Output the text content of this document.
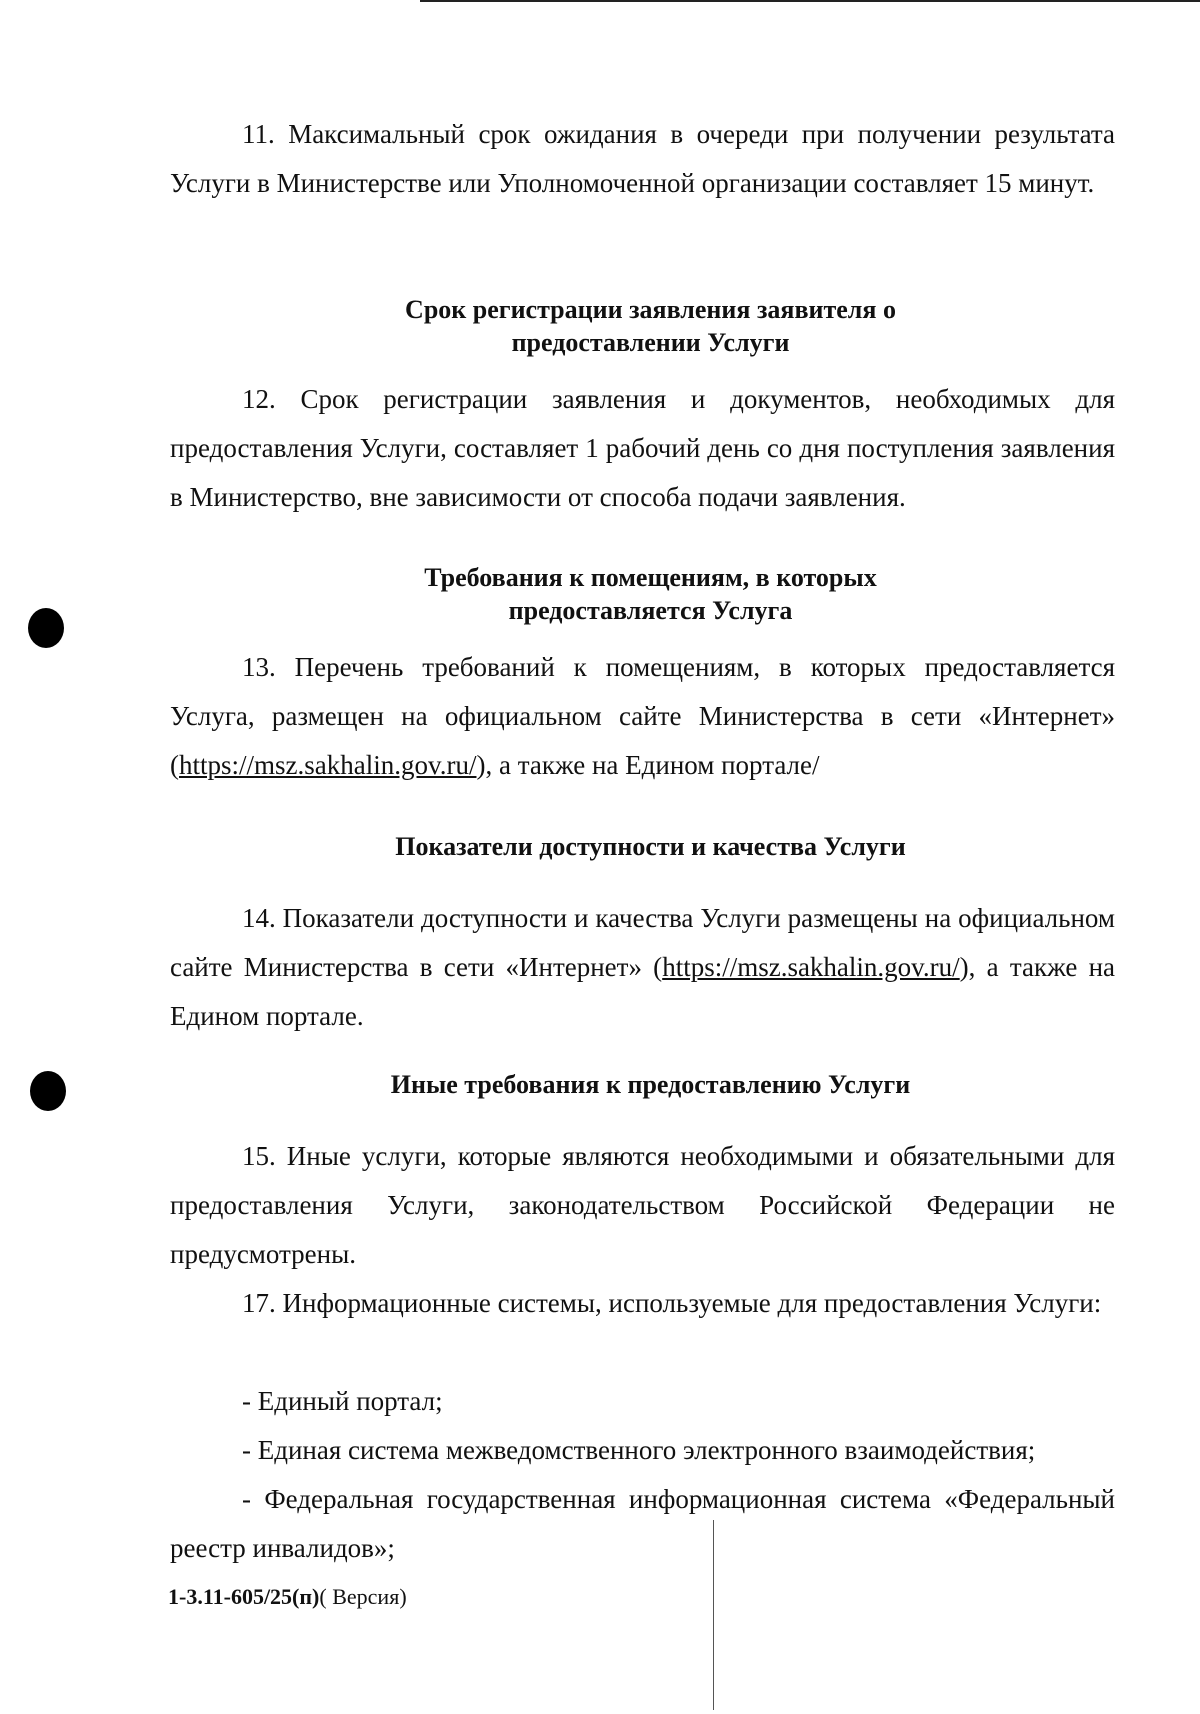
11. Максимальный срок ожидания в очереди при получении результата Услуги в Министерстве или Уполномоченной организации составляет 15 минут.

Срок регистрации заявления заявителя о

предоставлении Услуги

12. Срок регистрации заявления и документов, необходимых для предоставления Услуги, составляет 1 рабочий день со дня поступления заявления в Министерство, вне зависимости от способа подачи заявления.

Требования к помещениям, в которых

предоставляется Услуга

13. Перечень требований к помещениям, в которых предоставляется Услуга, размещен на официальном сайте Министерства в сети «Интернет» (https://msz.sakhalin.gov.ru/), а также на Едином портале/

Показатели доступности и качества Услуги

14. Показатели доступности и качества Услуги размещены на официальном сайте Министерства в сети «Интернет» (https://msz.sakhalin.gov.ru/), а также на Едином портале.

Иные требования к предоставлению Услуги

15. Иные услуги, которые являются необходимыми и обязательными для предоставления Услуги, законодательством Российской Федерации не предусмотрены.

17. Информационные системы, используемые для предоставления Услуги:

- Единый портал;

- Единая система межведомственного электронного взаимодействия;

- Федеральная государственная информационная система «Федеральный реестр инвалидов»;

1-3.11-605/25(п)( Версия)
